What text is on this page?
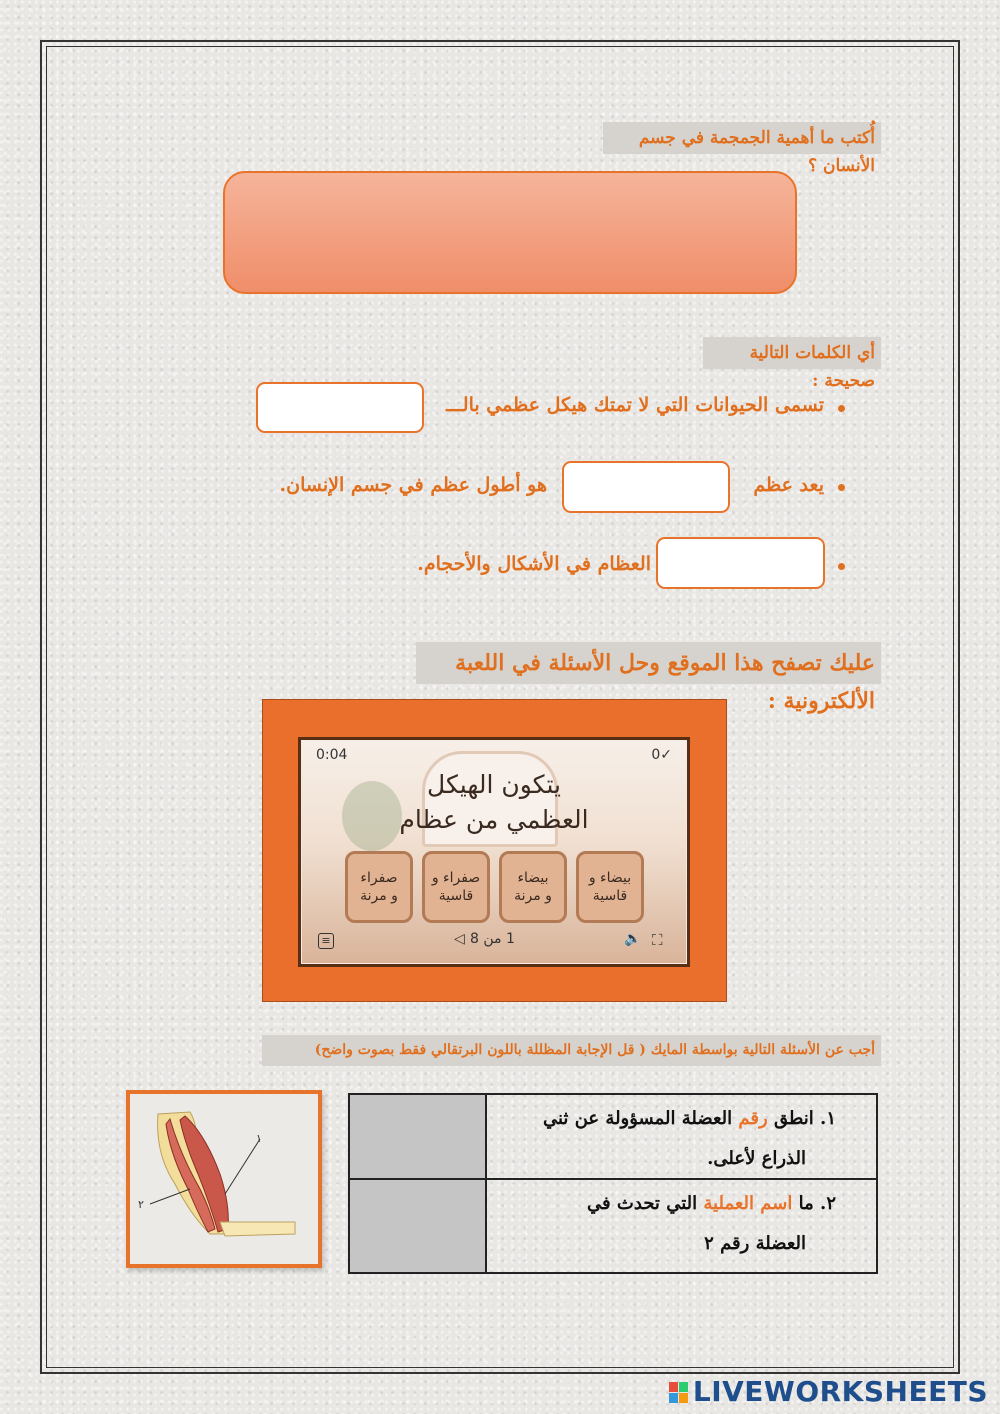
أُكتب ما أهمية الجمجمة في جسم الأنسان ؟
أي الكلمات التالية صحيحة :
تسمى الحيوانات التي لا تمتك هيكل عظمي بالـــ
يعد عظم
هو أطول عظم في جسم الإنسان.
العظام في الأشكال والأحجام.
عليك تصفح هذا الموقع وحل الأسئلة في اللعبة الألكترونية :
0:04	0✓
يتكون الهيكل
العظمي من عظام
بيضاء و
قاسية
بيضاء
و مرنة
صفراء و
قاسية
صفراء
و مرنة
≡	◁ 1 من 8	🔈 ⛶
أجب عن الأسئلة التالية بواسطة المايك ( قل الإجابة المظللة باللون البرتقالي فقط بصوت واضح)
١. انطق رقم العضلة المسؤولة عن ثني
الذراع لأعلى.
٢. ما اسم العملية التي تحدث في
العضلة رقم ٢
١
٢
LIVEWORKSHEETS
